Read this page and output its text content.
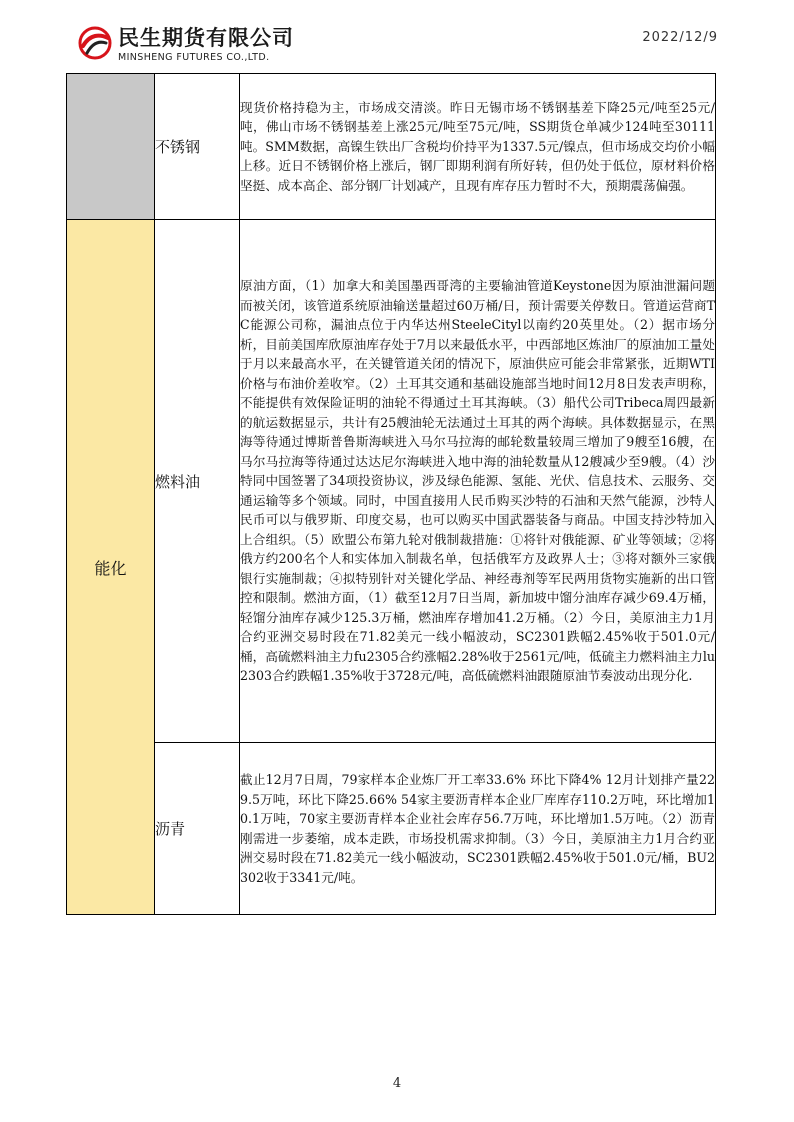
民生期货有限公司
MINSHENG FUTURES CO.,LTD.
2022/12/9
	不锈钢	现货价格持稳为主，市场成交清淡。昨日无锡市场不锈钢基差下降25元/吨至25元/吨，佛山市场不锈钢基差上涨25元/吨至75元/吨，SS期货仓单减少124吨至30111吨。SMM数据，高镍生铁出厂含税均价持平为1337.5元/镍点，但市场成交均价小幅上移。近日不锈钢价格上涨后，钢厂即期利润有所好转，但仍处于低位，原材料价格坚挺、成本高企、部分钢厂计划减产，且现有库存压力暂时不大，预期震荡偏强。
能化	燃料油	原油方面，（1）加拿大和美国墨西哥湾的主要输油管道Keystone因为原油泄漏问题而被关闭，该管道系统原油输送量超过60万桶/日，预计需要关停数日。管道运营商TC能源公司称，漏油点位于内华达州SteeleCityl以南约20英里处。（2）据市场分析，目前美国库欣原油库存处于7月以来最低水平，中西部地区炼油厂的原油加工量处于月以来最高水平，在关键管道关闭的情况下，原油供应可能会非常紧张，近期WTI价格与布油价差收窄。（2）土耳其交通和基础设施部当地时间12月8日发表声明称，不能提供有效保险证明的油轮不得通过土耳其海峡。（3）船代公司Tribeca周四最新的航运数据显示，共计有25艘油轮无法通过土耳其的两个海峡。具体数据显示，在黑海等待通过博斯普鲁斯海峡进入马尔马拉海的邮轮数量较周三增加了9艘至16艘，在马尔马拉海等待通过达达尼尔海峡进入地中海的油轮数量从12艘减少至9艘。（4）沙特同中国签署了34项投资协议，涉及绿色能源、氢能、光伏、信息技术、云服务、交通运输等多个领域。同时，中国直接用人民币购买沙特的石油和天然气能源，沙特人民币可以与俄罗斯、印度交易，也可以购买中国武器装备与商品。中国支持沙特加入上合组织。（5）欧盟公布第九轮对俄制裁措施：①将针对俄能源、矿业等领域；②将俄方约200名个人和实体加入制裁名单，包括俄军方及政界人士；③将对额外三家俄银行实施制裁；④拟特别针对关键化学品、神经毒剂等军民两用货物实施新的出口管控和限制。燃油方面，（1）截至12月7日当周，新加坡中馏分油库存减少69.4万桶，轻馏分油库存减少125.3万桶，燃油库存增加41.2万桶。（2）今日，美原油主力1月合约亚洲交易时段在71.82美元一线小幅波动，SC2301跌幅2.45%收于501.0元/桶，高硫燃料油主力fu2305合约涨幅2.28%收于2561元/吨，低硫主力燃料油主力lu2303合约跌幅1.35%收于3728元/吨，高低硫燃料油跟随原油节奏波动出现分化.
	沥青	截止12月7日周，79家样本企业炼厂开工率33.6% 环比下降4% 12月计划排产量229.5万吨，环比下降25.66% 54家主要沥青样本企业厂库库存110.2万吨，环比增加10.1万吨，70家主要沥青样本企业社会库存56.7万吨，环比增加1.5万吨。（2）沥青刚需进一步萎缩，成本走跌，市场投机需求抑制。（3）今日，美原油主力1月合约亚洲交易时段在71.82美元一线小幅波动，SC2301跌幅2.45%收于501.0元/桶，BU2302收于3341元/吨。
4
